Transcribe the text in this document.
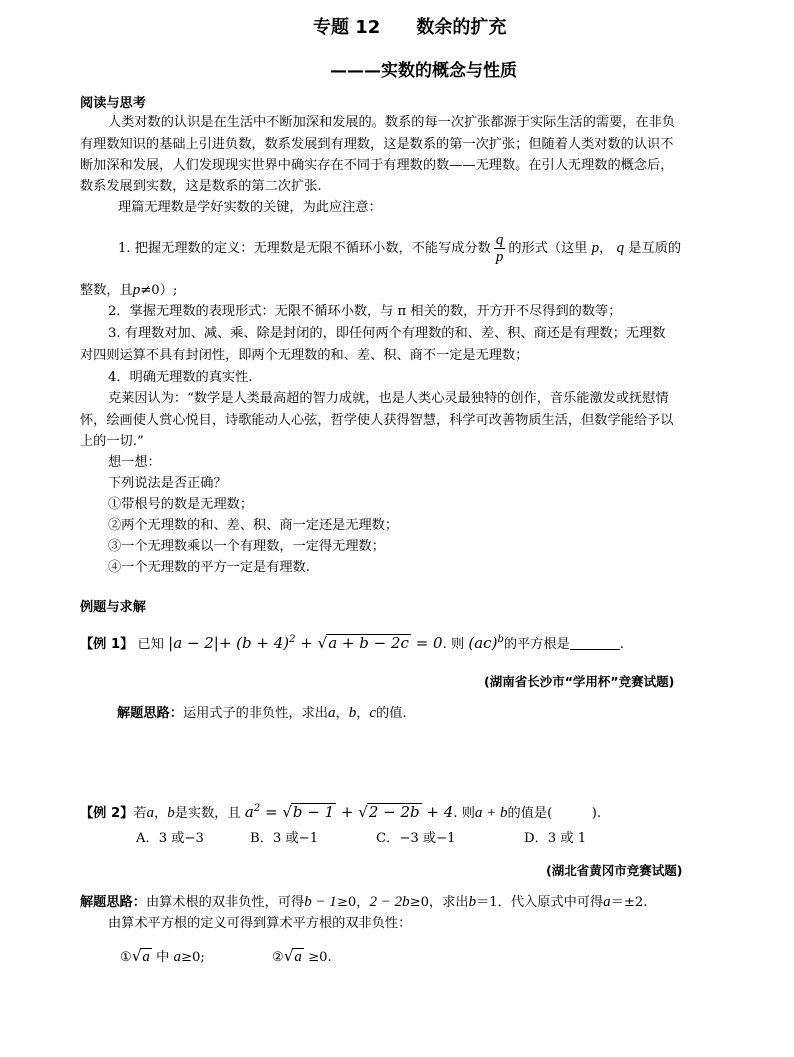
专题 12　　数余的扩充
———实数的概念与性质
阅读与思考
人类对数的认识是在生活中不断加深和发展的。数系的每一次扩张都源于实际生活的需要，在非负
有理数知识的基础上引进负数，数系发展到有理数，这是数系的第一次扩张；但随着人类对数的认识不
断加深和发展，人们发现现实世界中确实存在不同于有理数的数——无理数。在引人无理数的概念后，
数系发展到实数，这是数系的第二次扩张.
理篇无理数是学好实数的关键，为此应注意：
1. 把握无理数的定义：无理数是无限不循环小数，不能写成分数 $\frac{q}{p}$ 的形式（这里 p， q 是互质的
整数，且p≠0）;
2．掌握无理数的表现形式：无限不循环小数，与 π 相关的数，开方开不尽得到的数等；
3. 有理数对加、减、乘、除是封闭的，即任何两个有理数的和、差、积、商还是有理数；无理数
对四则运算不具有封闭性，即两个无理数的和、差、积、商不一定是无理数；
4．明确无理数的真实性.
克莱因认为：“数学是人类最高超的智力成就，也是人类心灵最独特的创作，音乐能激发或抚慰情
怀，绘画使人赏心悦目，诗歌能动人心弦，哲学使人获得智慧，科学可改善物质生活，但数学能给予以
上的一切.”
想一想：
下列说法是否正确？
①带根号的数是无理数；
②两个无理数的和、差、积、商一定还是无理数；
③一个无理数乘以一个有理数，一定得无理数；
④一个无理数的平方一定是有理数.
例题与求解
【例 1】 已知 $|a - 2|+ (b + 4)^2 + √a + b - 2c = 0$. 则 (ac)$^b$的平方根是	.
(湖南省长沙市“学用杯”竞赛试题)
解题思路：运用式子的非负性，求出a，b，c的值.
【例 2】若a，b是实数，且 $a^2 = √b - 1 + √2 - 2b + 4$. 则a + b的值是(　　　).
A．3 或−3	B．3 或−1	C．−3 或−1	D．3 或 1
(湖北省黄冈市竞赛试题)
解题思路：由算术根的双非负性，可得b − 1≥0，2 − 2b≥0，求出b＝1．代入原式中可得a＝±2.
由算术平方根的定义可得到算术平方根的双非负性：
①√a 中 a≥0;	②√a ≥0.
